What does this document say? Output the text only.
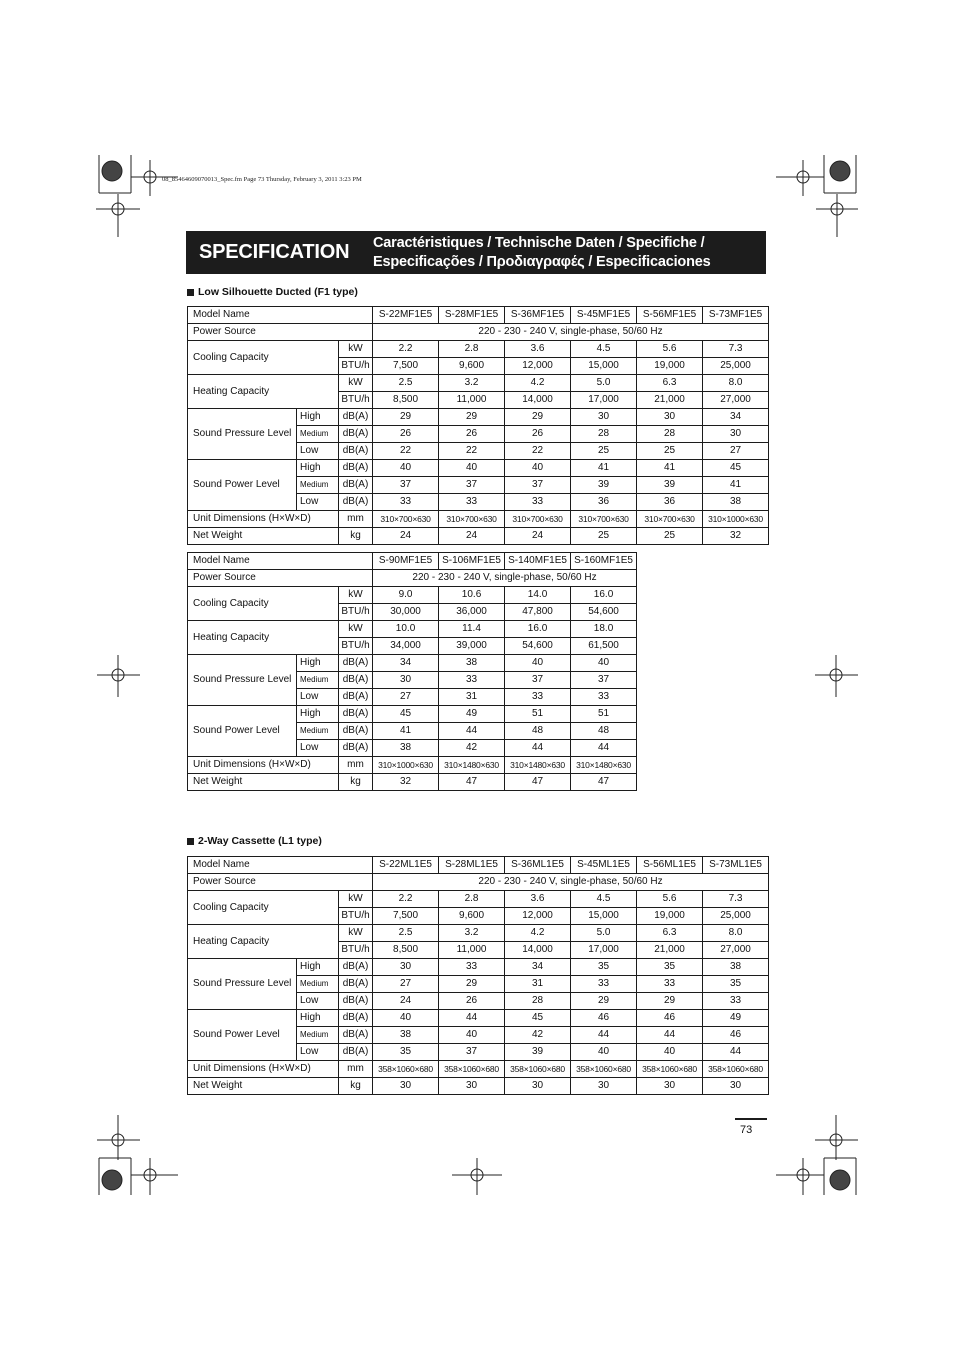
08_85464609070013_Spec.fm Page 73 Thursday, February 3, 2011 3:23 PM
SPECIFICATION	Caractéristiques / Technische Daten / Specifiche /
Especificações / Προδιαγραφές / Especificaciones
Low Silhouette Ducted (F1 type)
Model Name			S-22MF1E5	S-28MF1E5	S-36MF1E5	S-45MF1E5	S-56MF1E5	S-73MF1E5
Power Source			220 - 230 - 240 V, single-phase, 50/60 Hz					
Cooling Capacity		kW	2.2	2.8	3.6	4.5	5.6	7.3
		BTU/h	7,500	9,600	12,000	15,000	19,000	25,000
Heating Capacity		kW	2.5	3.2	4.2	5.0	6.3	8.0
		BTU/h	8,500	11,000	14,000	17,000	21,000	27,000
Sound Pressure Level	High	dB(A)	29	29	29	30	30	34
	Medium	dB(A)	26	26	26	28	28	30
	Low	dB(A)	22	22	22	25	25	27
Sound Power Level	High	dB(A)	40	40	40	41	41	45
	Medium	dB(A)	37	37	37	39	39	41
	Low	dB(A)	33	33	33	36	36	38
Unit Dimensions (H×W×D)		mm	310×700×630	310×700×630	310×700×630	310×700×630	310×700×630	310×1000×630
Net Weight		kg	24	24	24	25	25	32
Model Name			S-90MF1E5	S-106MF1E5	S-140MF1E5	S-160MF1E5
Power Source			220 - 230 - 240 V, single-phase, 50/60 Hz			
Cooling Capacity		kW	9.0	10.6	14.0	16.0
		BTU/h	30,000	36,000	47,800	54,600
Heating Capacity		kW	10.0	11.4	16.0	18.0
		BTU/h	34,000	39,000	54,600	61,500
Sound Pressure Level	High	dB(A)	34	38	40	40
	Medium	dB(A)	30	33	37	37
	Low	dB(A)	27	31	33	33
Sound Power Level	High	dB(A)	45	49	51	51
	Medium	dB(A)	41	44	48	48
	Low	dB(A)	38	42	44	44
Unit Dimensions (H×W×D)		mm	310×1000×630	310×1480×630	310×1480×630	310×1480×630
Net Weight		kg	32	47	47	47
2-Way Cassette (L1 type)
Model Name			S-22ML1E5	S-28ML1E5	S-36ML1E5	S-45ML1E5	S-56ML1E5	S-73ML1E5
Power Source			220 - 230 - 240 V, single-phase, 50/60 Hz					
Cooling Capacity		kW	2.2	2.8	3.6	4.5	5.6	7.3
		BTU/h	7,500	9,600	12,000	15,000	19,000	25,000
Heating Capacity		kW	2.5	3.2	4.2	5.0	6.3	8.0
		BTU/h	8,500	11,000	14,000	17,000	21,000	27,000
Sound Pressure Level	High	dB(A)	30	33	34	35	35	38
	Medium	dB(A)	27	29	31	33	33	35
	Low	dB(A)	24	26	28	29	29	33
Sound Power Level	High	dB(A)	40	44	45	46	46	49
	Medium	dB(A)	38	40	42	44	44	46
	Low	dB(A)	35	37	39	40	40	44
Unit Dimensions (H×W×D)		mm	358×1060×680	358×1060×680	358×1060×680	358×1060×680	358×1060×680	358×1060×680
Net Weight		kg	30	30	30	30	30	30
73
